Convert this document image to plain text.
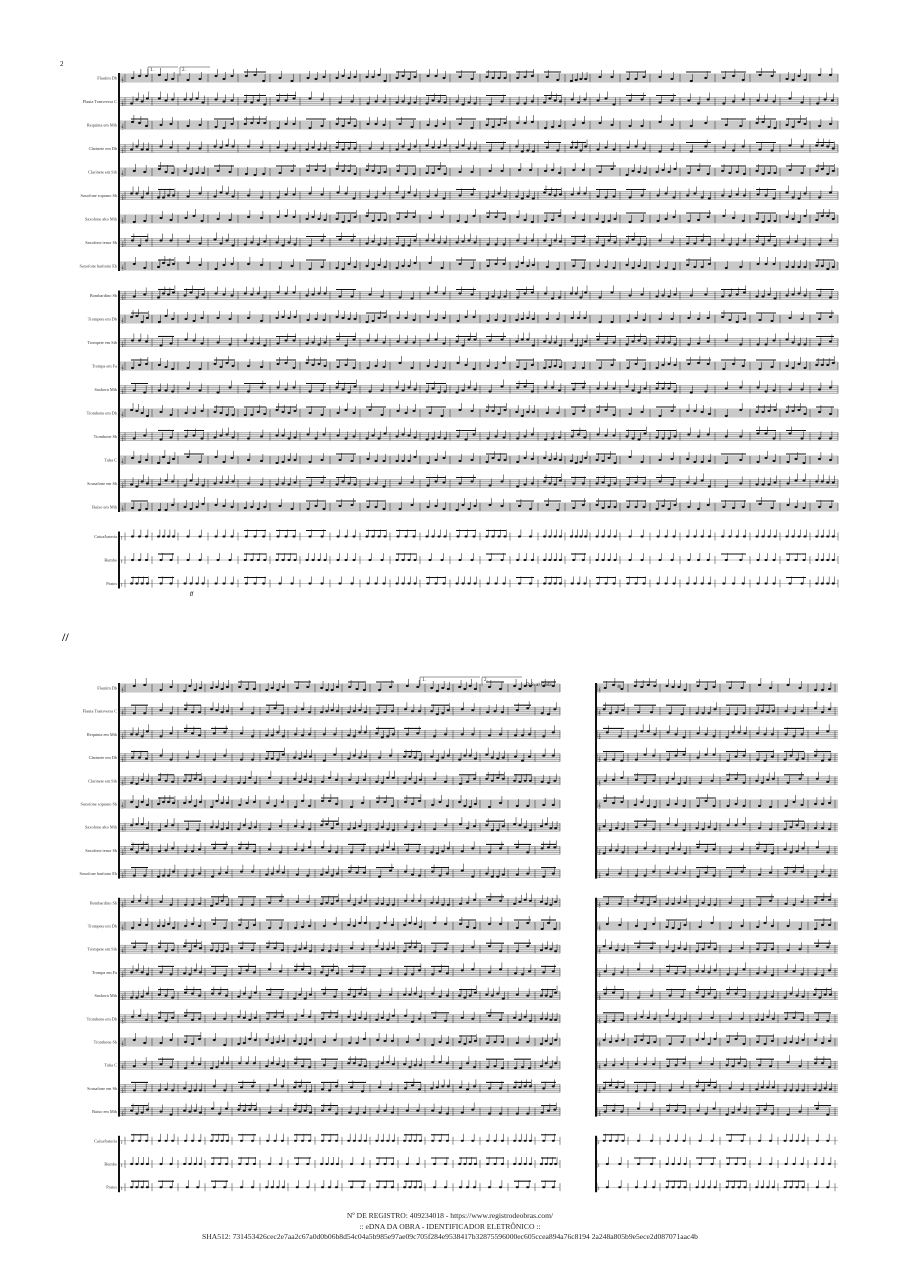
2
Flautim Db 𝄞
Flauta Transversa C 𝄞
Requinta em Mib 𝄞
Clarinete em Db 𝄞
Clarinete em Sib 𝄞
Saxofone soprano Sb 𝄞
Saxofone alto Mib 𝄞
Saxofone tenor Sb 𝄞
Saxofone barítono Eb 𝄞
Bombardino Sb 𝄞
Trompete em Db 𝄞
Trompete em Sib 𝄞
Trompa em Fa 𝄞
Saxhorn Mib 𝄞
Trombone em Db 𝄞
Trombone Sb 𝄞
Tuba C 𝄞
Sousafone em Sb 𝄞
Baixo em Mib 𝄞
Caixa/bateria ‖
Bumbo ‖
Pratos ‖
1.	2.
ff
//
Flautim Db 𝄞	𝄞
Flauta Transversa C 𝄞	𝄞
Requinta em Mib 𝄞	𝄞
Clarinete em Db 𝄞	𝄞
Clarinete em Sib 𝄞	𝄞
Saxofone soprano Sb 𝄞	𝄞
Saxofone alto Mib 𝄞	𝄞
Saxofone tenor Sb 𝄞	𝄞
Saxofone barítono Eb 𝄞	𝄞
Bombardino Sb 𝄞	𝄞
Trompete em Db 𝄞	𝄞
Trompete em Sib 𝄞	𝄞
Trompa em Fa 𝄞	𝄞
Saxhorn Mib 𝄞	𝄞
Trombone em Db 𝄞	𝄞
Trombone Sb 𝄞	𝄞
Tuba C 𝄞	𝄞
Sousafone em Sb 𝄞	𝄞
Baixo em Mib 𝄞	𝄞
Caixa/bateria ‖	‖
Bumbo ‖	‖
Pratos ‖	‖
1.	2.
D.S. al Coda	⊕
Nº DE REGISTRO: 409234018 - https://www.registrodeobras.com/
:: eDNA DA OBRA - IDENTIFICADOR ELETRÔNICO ::
SHA512: 731453426cec2e7aa2c67a0d0b06b8d54c04a5b985e97ae09c705f284e9538417b32875596000ec605ccea894a76c8194 2a248a805b9e5ece2d087071aac4b
